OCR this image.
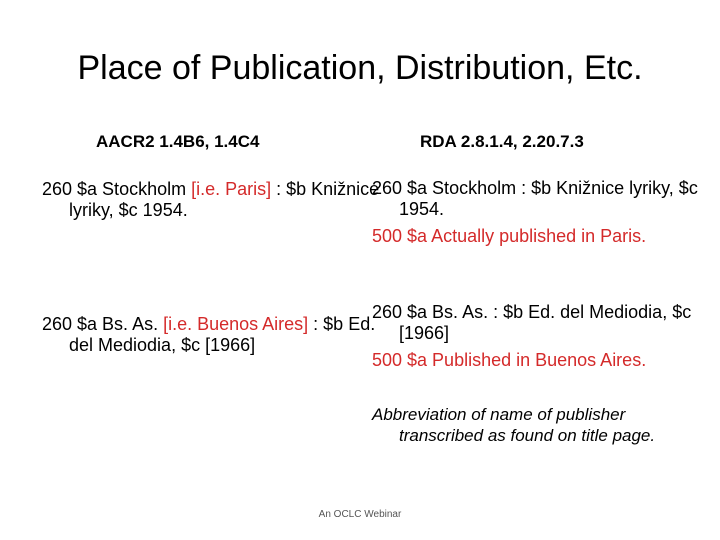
Place of Publication, Distribution, Etc.
AACR2 1.4B6, 1.4C4	RDA 2.8.1.4, 2.20.7.3
260 $a Stockholm [i.e. Paris] : $b Knižnice lyriky, $c 1954.
260 $a Bs. As. [i.e. Buenos Aires] : $b Ed. del Mediodia, $c [1966]
260 $a Stockholm : $b Knižnice lyriky, $c 1954.
500 $a Actually published in Paris.
260 $a Bs. As. : $b Ed. del Mediodia, $c [1966]
500 $a Published in Buenos Aires.
Abbreviation of name of publisher transcribed as found on title page.
An OCLC Webinar
